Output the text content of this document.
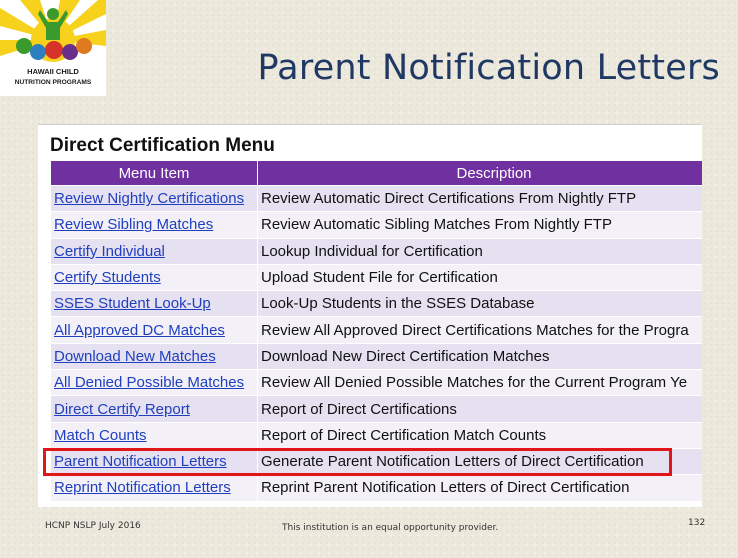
HAWAII CHILD
NUTRITION PROGRAMS	Parent Notification Letters
Direct Certification Menu
Menu Item	Description
Review Nightly Certifications	Review Automatic Direct Certifications From Nightly FTP
Review Sibling Matches	Review Automatic Sibling Matches From Nightly FTP
Certify Individual	Lookup Individual for Certification
Certify Students	Upload Student File for Certification
SSES Student Look-Up	Look-Up Students in the SSES Database
All Approved DC Matches	Review All Approved Direct Certifications Matches for the Progra
Download New Matches	Download New Direct Certification Matches
All Denied Possible Matches	Review All Denied Possible Matches for the Current Program Ye
Direct Certify Report	Report of Direct Certifications
Match Counts	Report of Direct Certification Match Counts
Parent Notification Letters	Generate Parent Notification Letters of Direct Certification
Reprint Notification Letters	Reprint Parent Notification Letters of Direct Certification
HCNP NSLP July 2016	This institution is an equal opportunity provider.	132
